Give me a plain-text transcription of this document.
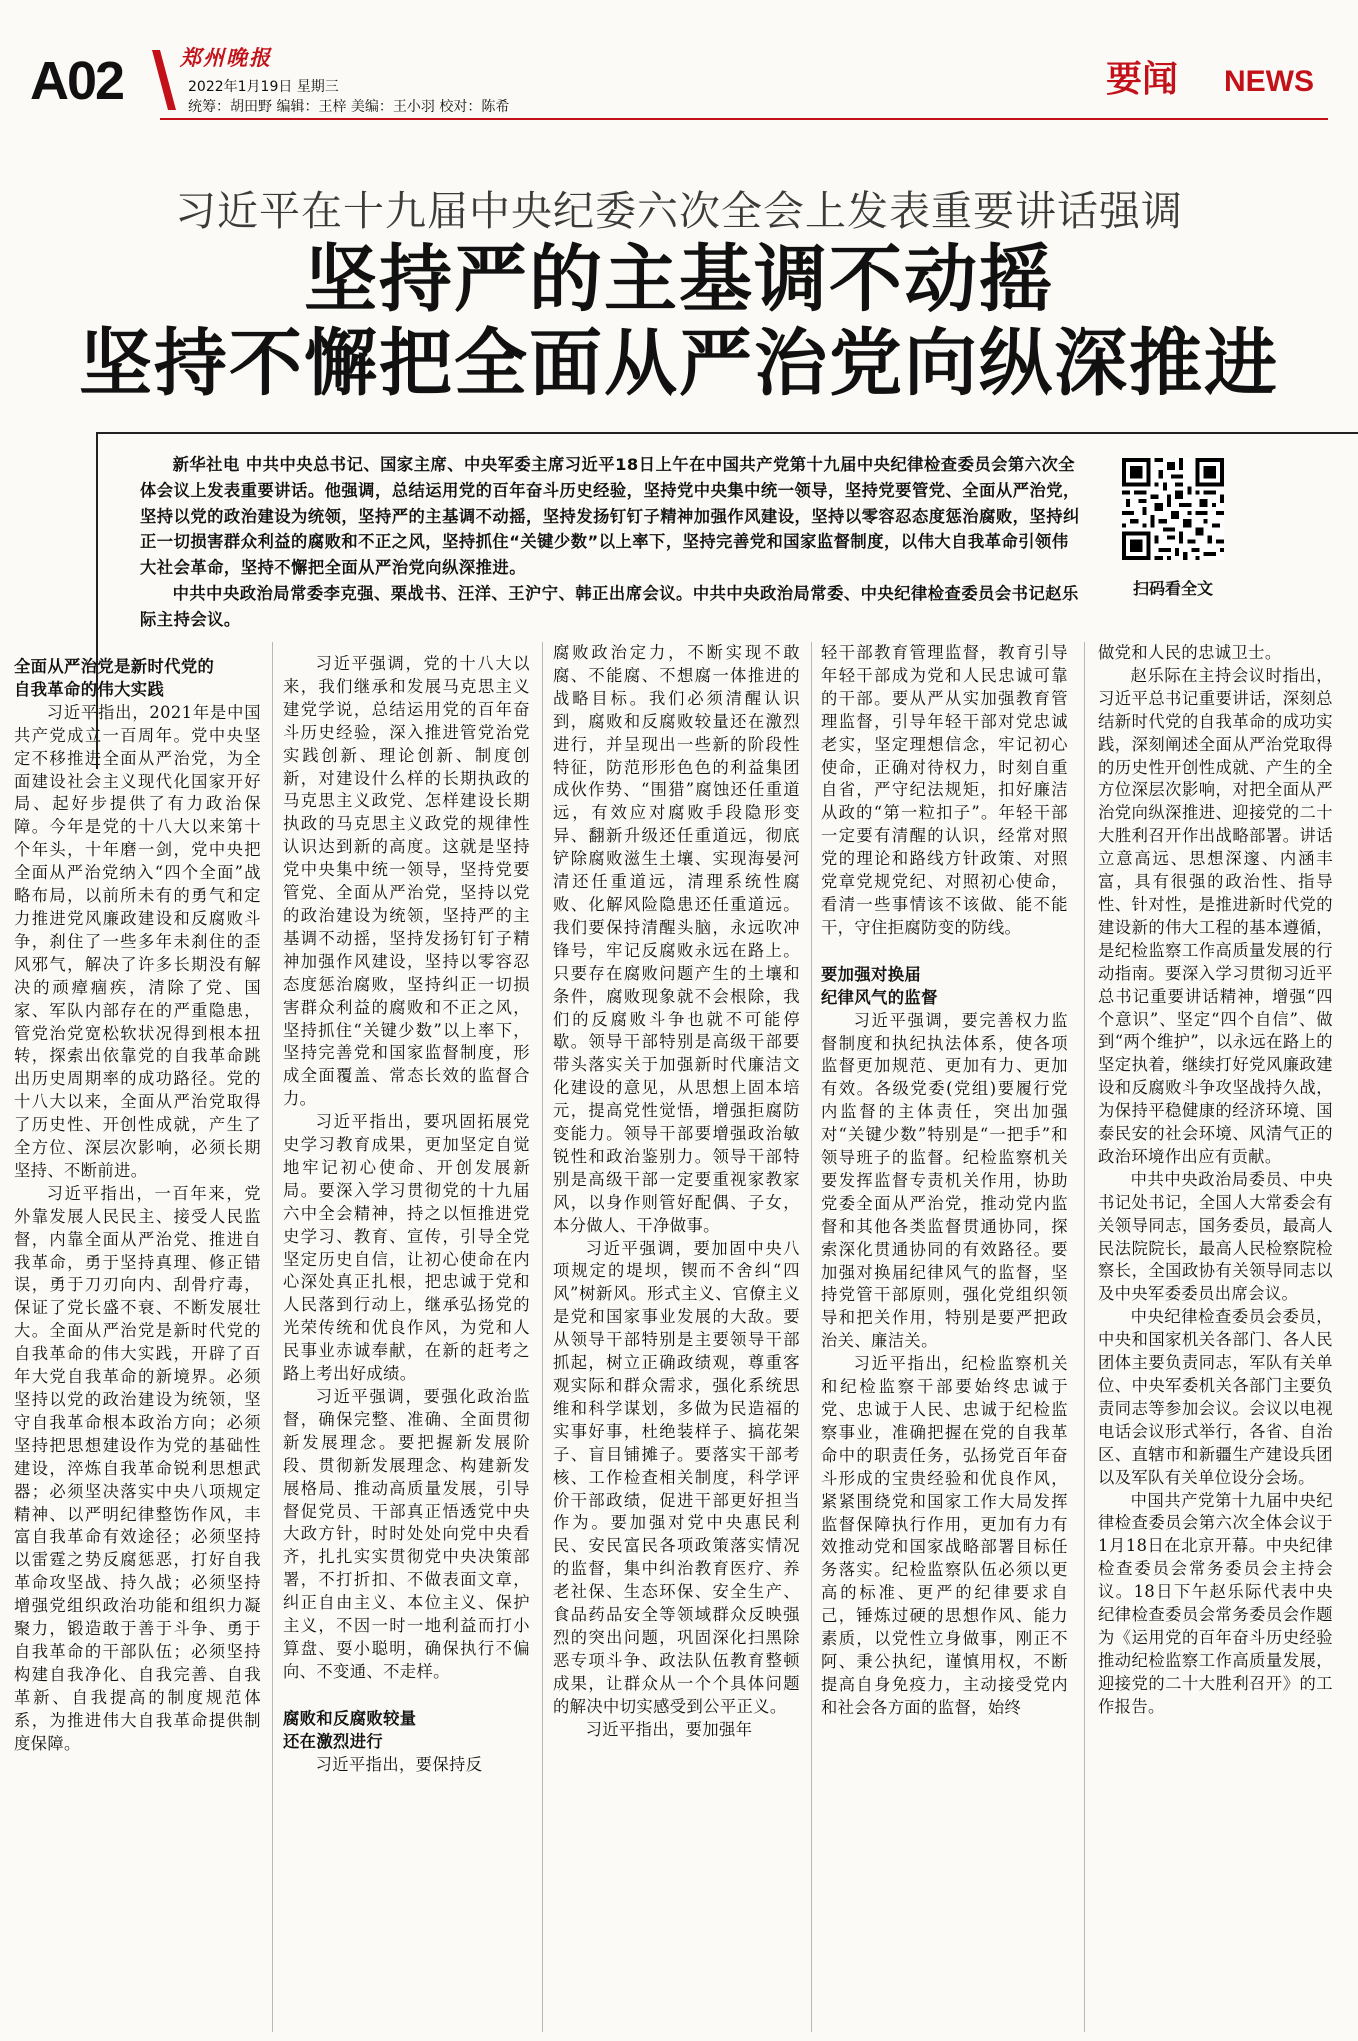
A02	郑州晚报
2022年1月19日 星期三
统筹：胡田野 编辑：王梓 美编：王小羽 校对：陈希
要闻 NEWS
习近平在十九届中央纪委六次全会上发表重要讲话强调
坚持严的主基调不动摇
坚持不懈把全面从严治党向纵深推进

新华社电 中共中央总书记、国家主席、中央军委主席习近平18日上午在中国共产党第十九届中央纪律检查委员会第六次全体会议上发表重要讲话。他强调，总结运用党的百年奋斗历史经验，坚持党中央集中统一领导，坚持党要管党、全面从严治党，坚持以党的政治建设为统领，坚持严的主基调不动摇，坚持发扬钉钉子精神加强作风建设，坚持以零容忍态度惩治腐败，坚持纠正一切损害群众利益的腐败和不正之风，坚持抓住“关键少数”以上率下，坚持完善党和国家监督制度，以伟大自我革命引领伟大社会革命，坚持不懈把全面从严治党向纵深推进。

中共中央政治局常委李克强、栗战书、汪洋、王沪宁、韩正出席会议。中共中央政治局常委、中央纪律检查委员会书记赵乐际主持会议。

扫码看全文

全面从严治党是新时代党的

自我革命的伟大实践

习近平指出，2021年是中国共产党成立一百周年。党中央坚定不移推进全面从严治党，为全面建设社会主义现代化国家开好局、起好步提供了有力政治保障。今年是党的十八大以来第十个年头，十年磨一剑，党中央把全面从严治党纳入“四个全面”战略布局，以前所未有的勇气和定力推进党风廉政建设和反腐败斗争，刹住了一些多年未刹住的歪风邪气，解决了许多长期没有解决的顽瘴痼疾，清除了党、国家、军队内部存在的严重隐患，管党治党宽松软状况得到根本扭转，探索出依靠党的自我革命跳出历史周期率的成功路径。党的十八大以来，全面从严治党取得了历史性、开创性成就，产生了全方位、深层次影响，必须长期坚持、不断前进。

习近平指出，一百年来，党外靠发展人民民主、接受人民监督，内靠全面从严治党、推进自我革命，勇于坚持真理、修正错误，勇于刀刃向内、刮骨疗毒，保证了党长盛不衰、不断发展壮大。全面从严治党是新时代党的自我革命的伟大实践，开辟了百年大党自我革命的新境界。必须坚持以党的政治建设为统领，坚守自我革命根本政治方向；必须坚持把思想建设作为党的基础性建设，淬炼自我革命锐利思想武器；必须坚决落实中央八项规定精神、以严明纪律整饬作风，丰富自我革命有效途径；必须坚持以雷霆之势反腐惩恶，打好自我革命攻坚战、持久战；必须坚持增强党组织政治功能和组织力凝聚力，锻造敢于善于斗争、勇于自我革命的干部队伍；必须坚持构建自我净化、自我完善、自我革新、自我提高的制度规范体系，为推进伟大自我革命提供制度保障。

习近平强调，党的十八大以来，我们继承和发展马克思主义建党学说，总结运用党的百年奋斗历史经验，深入推进管党治党实践创新、理论创新、制度创新，对建设什么样的长期执政的马克思主义政党、怎样建设长期执政的马克思主义政党的规律性认识达到新的高度。这就是坚持党中央集中统一领导，坚持党要管党、全面从严治党，坚持以党的政治建设为统领，坚持严的主基调不动摇，坚持发扬钉钉子精神加强作风建设，坚持以零容忍态度惩治腐败，坚持纠正一切损害群众利益的腐败和不正之风，坚持抓住“关键少数”以上率下，坚持完善党和国家监督制度，形成全面覆盖、常态长效的监督合力。

习近平指出，要巩固拓展党史学习教育成果，更加坚定自觉地牢记初心使命、开创发展新局。要深入学习贯彻党的十九届六中全会精神，持之以恒推进党史学习、教育、宣传，引导全党坚定历史自信，让初心使命在内心深处真正扎根，把忠诚于党和人民落到行动上，继承弘扬党的光荣传统和优良作风，为党和人民事业赤诚奉献，在新的赶考之路上考出好成绩。

习近平强调，要强化政治监督，确保完整、准确、全面贯彻新发展理念。要把握新发展阶段、贯彻新发展理念、构建新发展格局、推动高质量发展，引导督促党员、干部真正悟透党中央大政方针，时时处处向党中央看齐，扎扎实实贯彻党中央决策部署，不打折扣、不做表面文章，纠正自由主义、本位主义、保护主义，不因一时一地利益而打小算盘、耍小聪明，确保执行不偏向、不变通、不走样。

腐败和反腐败较量

还在激烈进行

习近平指出，要保持反

腐败政治定力，不断实现不敢腐、不能腐、不想腐一体推进的战略目标。我们必须清醒认识到，腐败和反腐败较量还在激烈进行，并呈现出一些新的阶段性特征，防范形形色色的利益集团成伙作势、“围猎”腐蚀还任重道远，有效应对腐败手段隐形变异、翻新升级还任重道远，彻底铲除腐败滋生土壤、实现海晏河清还任重道远，清理系统性腐败、化解风险隐患还任重道远。我们要保持清醒头脑，永远吹冲锋号，牢记反腐败永远在路上。只要存在腐败问题产生的土壤和条件，腐败现象就不会根除，我们的反腐败斗争也就不可能停歇。领导干部特别是高级干部要带头落实关于加强新时代廉洁文化建设的意见，从思想上固本培元，提高党性觉悟，增强拒腐防变能力。领导干部要增强政治敏锐性和政治鉴别力。领导干部特别是高级干部一定要重视家教家风，以身作则管好配偶、子女，本分做人、干净做事。

习近平强调，要加固中央八项规定的堤坝，锲而不舍纠“四风”树新风。形式主义、官僚主义是党和国家事业发展的大敌。要从领导干部特别是主要领导干部抓起，树立正确政绩观，尊重客观实际和群众需求，强化系统思维和科学谋划，多做为民造福的实事好事，杜绝装样子、搞花架子、盲目铺摊子。要落实干部考核、工作检查相关制度，科学评价干部政绩，促进干部更好担当作为。要加强对党中央惠民利民、安民富民各项政策落实情况的监督，集中纠治教育医疗、养老社保、生态环保、安全生产、食品药品安全等领域群众反映强烈的突出问题，巩固深化扫黑除恶专项斗争、政法队伍教育整顿成果，让群众从一个个具体问题的解决中切实感受到公平正义。

习近平指出，要加强年

轻干部教育管理监督，教育引导年轻干部成为党和人民忠诚可靠的干部。要从严从实加强教育管理监督，引导年轻干部对党忠诚老实，坚定理想信念，牢记初心使命，正确对待权力，时刻自重自省，严守纪法规矩，扣好廉洁从政的“第一粒扣子”。年轻干部一定要有清醒的认识，经常对照党的理论和路线方针政策、对照党章党规党纪、对照初心使命，看清一些事情该不该做、能不能干，守住拒腐防变的防线。

要加强对换届

纪律风气的监督

习近平强调，要完善权力监督制度和执纪执法体系，使各项监督更加规范、更加有力、更加有效。各级党委(党组)要履行党内监督的主体责任，突出加强对“关键少数”特别是“一把手”和领导班子的监督。纪检监察机关要发挥监督专责机关作用，协助党委全面从严治党，推动党内监督和其他各类监督贯通协同，探索深化贯通协同的有效路径。要加强对换届纪律风气的监督，坚持党管干部原则，强化党组织领导和把关作用，特别是要严把政治关、廉洁关。

习近平指出，纪检监察机关和纪检监察干部要始终忠诚于党、忠诚于人民、忠诚于纪检监察事业，准确把握在党的自我革命中的职责任务，弘扬党百年奋斗形成的宝贵经验和优良作风，紧紧围绕党和国家工作大局发挥监督保障执行作用，更加有力有效推动党和国家战略部署目标任务落实。纪检监察队伍必须以更高的标准、更严的纪律要求自己，锤炼过硬的思想作风、能力素质，以党性立身做事，刚正不阿、秉公执纪，谨慎用权，不断提高自身免疫力，主动接受党内和社会各方面的监督，始终

做党和人民的忠诚卫士。

赵乐际在主持会议时指出，习近平总书记重要讲话，深刻总结新时代党的自我革命的成功实践，深刻阐述全面从严治党取得的历史性开创性成就、产生的全方位深层次影响，对把全面从严治党向纵深推进、迎接党的二十大胜利召开作出战略部署。讲话立意高远、思想深邃、内涵丰富，具有很强的政治性、指导性、针对性，是推进新时代党的建设新的伟大工程的基本遵循，是纪检监察工作高质量发展的行动指南。要深入学习贯彻习近平总书记重要讲话精神，增强“四个意识”、坚定“四个自信”、做到“两个维护”，以永远在路上的坚定执着，继续打好党风廉政建设和反腐败斗争攻坚战持久战，为保持平稳健康的经济环境、国泰民安的社会环境、风清气正的政治环境作出应有贡献。

中共中央政治局委员、中央书记处书记，全国人大常委会有关领导同志，国务委员，最高人民法院院长，最高人民检察院检察长，全国政协有关领导同志以及中央军委委员出席会议。

中央纪律检查委员会委员，中央和国家机关各部门、各人民团体主要负责同志，军队有关单位、中央军委机关各部门主要负责同志等参加会议。会议以电视电话会议形式举行，各省、自治区、直辖市和新疆生产建设兵团以及军队有关单位设分会场。

中国共产党第十九届中央纪律检查委员会第六次全体会议于1月18日在北京开幕。中央纪律检查委员会常务委员会主持会议。18日下午赵乐际代表中央纪律检查委员会常务委员会作题为《运用党的百年奋斗历史经验推动纪检监察工作高质量发展，迎接党的二十大胜利召开》的工作报告。
